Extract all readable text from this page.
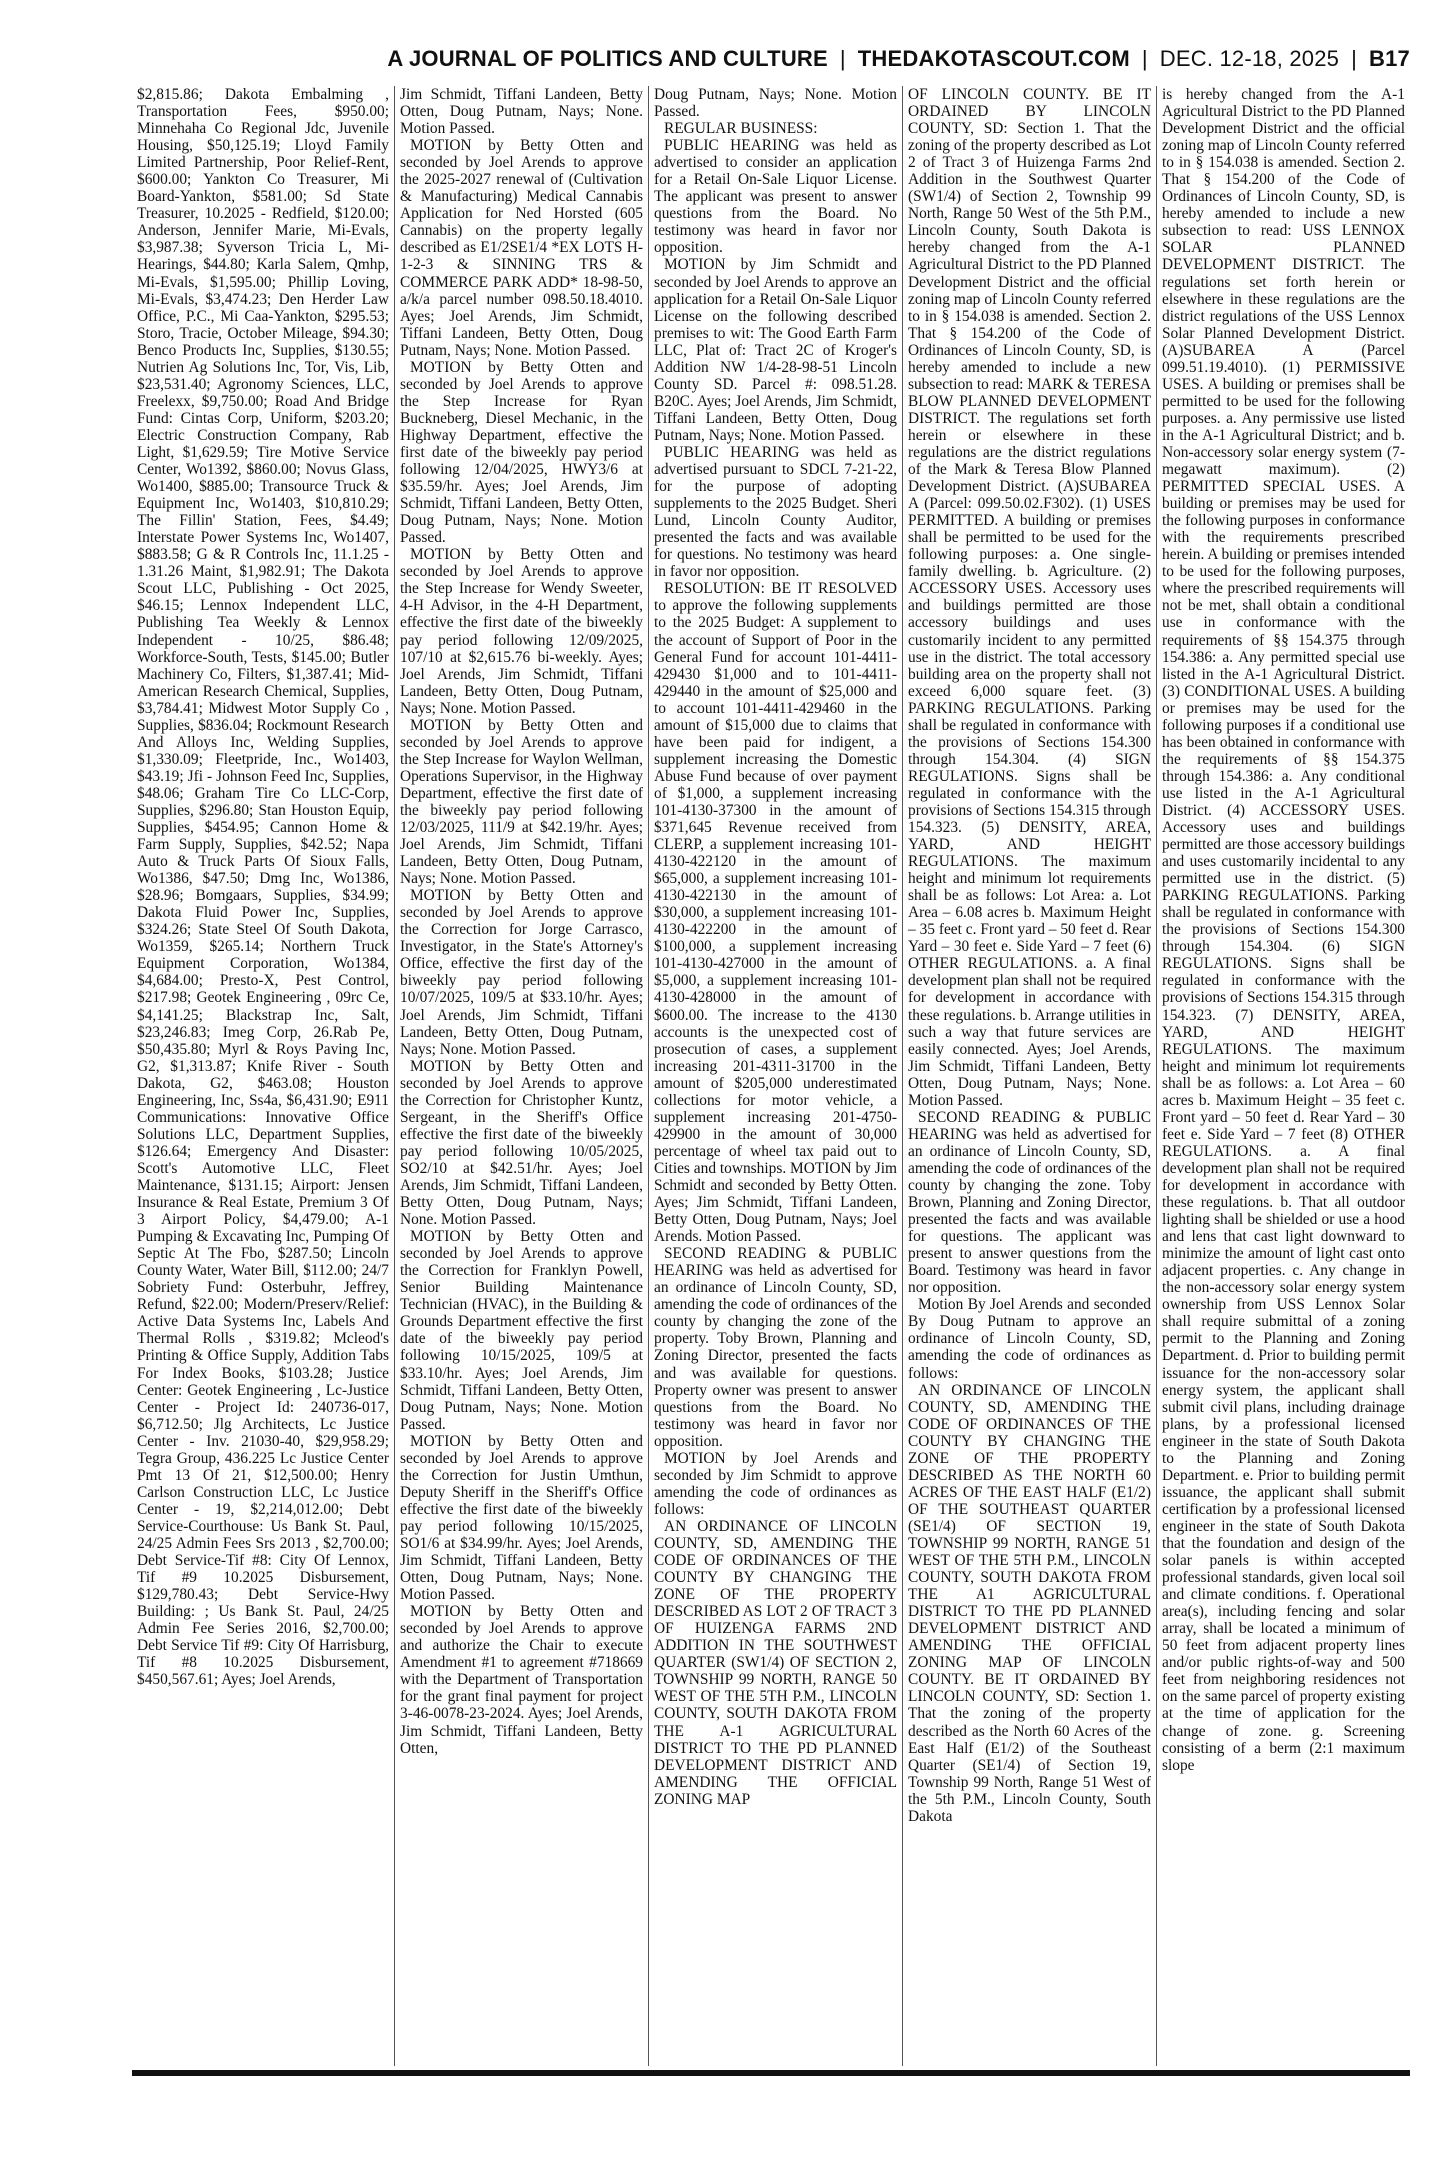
A JOURNAL OF POLITICS AND CULTURE | THEDAKOTASCOUT.COM | DEC. 12-18, 2025 | B17

$2,815.86; Dakota Embalming , Transportation Fees, $950.00; Minnehaha Co Regional Jdc, Juvenile Housing, $50,125.19; Lloyd Family Limited Partnership, Poor Relief-Rent, $600.00; Yankton Co Treasurer, Mi Board-Yankton, $581.00; Sd State Treasurer, 10.2025 - Redfield, $120.00; Anderson, Jennifer Marie, Mi-Evals, $3,987.38; Syverson Tricia L, Mi-Hearings, $44.80; Karla Salem, Qmhp, Mi-Evals, $1,595.00; Phillip Loving, Mi-Evals, $3,474.23; Den Herder Law Office, P.C., Mi Caa-Yankton, $295.53; Storo, Tracie, October Mileage, $94.30; Benco Products Inc, Supplies, $130.55; Nutrien Ag Solutions Inc, Tor, Vis, Lib, $23,531.40; Agronomy Sciences, LLC, Freelexx, $9,750.00; Road And Bridge Fund: Cintas Corp, Uniform, $203.20; Electric Construction Company, Rab Light, $1,629.59; Tire Motive Service Center, Wo1392, $860.00; Novus Glass, Wo1400, $885.00; Transource Truck & Equipment Inc, Wo1403, $10,810.29; The Fillin' Station, Fees, $4.49; Interstate Power Systems Inc, Wo1407, $883.58; G & R Controls Inc, 11.1.25 - 1.31.26 Maint, $1,982.91; The Dakota Scout LLC, Publishing - Oct 2025, $46.15; Lennox Independent LLC, Publishing Tea Weekly & Lennox Independent - 10/25, $86.48; Workforce-South, Tests, $145.00; Butler Machinery Co, Filters, $1,387.41; Mid-American Research Chemical, Supplies, $3,784.41; Midwest Motor Supply Co , Supplies, $836.04; Rockmount Research And Alloys Inc, Welding Supplies, $1,330.09; Fleetpride, Inc., Wo1403, $43.19; Jfi - Johnson Feed Inc, Supplies, $48.06; Graham Tire Co LLC-Corp, Supplies, $296.80; Stan Houston Equip, Supplies, $454.95; Cannon Home & Farm Supply, Supplies, $42.52; Napa Auto & Truck Parts Of Sioux Falls, Wo1386, $47.50; Dmg Inc, Wo1386, $28.96; Bomgaars, Supplies, $34.99; Dakota Fluid Power Inc, Supplies, $324.26; State Steel Of South Dakota, Wo1359, $265.14; Northern Truck Equipment Corporation, Wo1384, $4,684.00; Presto-X, Pest Control, $217.98; Geotek Engineering , 09rc Ce, $4,141.25; Blackstrap Inc, Salt, $23,246.83; Imeg Corp, 26.Rab Pe, $50,435.80; Myrl & Roys Paving Inc, G2, $1,313.87; Knife River - South Dakota, G2, $463.08; Houston Engineering, Inc, Ss4a, $6,431.90; E911 Communications: Innovative Office Solutions LLC, Department Supplies, $126.64; Emergency And Disaster: Scott's Automotive LLC, Fleet Maintenance, $131.15; Airport: Jensen Insurance & Real Estate, Premium 3 Of 3 Airport Policy, $4,479.00; A-1 Pumping & Excavating Inc, Pumping Of Septic At The Fbo, $287.50; Lincoln County Water, Water Bill, $112.00; 24/7 Sobriety Fund: Osterbuhr, Jeffrey, Refund, $22.00; Modern/Preserv/Relief: Active Data Systems Inc, Labels And Thermal Rolls , $319.82; Mcleod's Printing & Office Supply, Addition Tabs For Index Books, $103.28; Justice Center: Geotek Engineering , Lc-Justice Center - Project Id: 240736-017, $6,712.50; Jlg Architects, Lc Justice Center - Inv. 21030-40, $29,958.29; Tegra Group, 436.225 Lc Justice Center Pmt 13 Of 21, $12,500.00; Henry Carlson Construction LLC, Lc Justice Center - 19, $2,214,012.00; Debt Service-Courthouse: Us Bank St. Paul, 24/25 Admin Fees Srs 2013 , $2,700.00; Debt Service-Tif #8: City Of Lennox, Tif #9 10.2025 Disbursement, $129,780.43; Debt Service-Hwy Building: ; Us Bank St. Paul, 24/25 Admin Fee Series 2016, $2,700.00; Debt Service Tif #9: City Of Harrisburg, Tif #8 10.2025 Disbursement, $450,567.61; Ayes; Joel Arends,

Jim Schmidt, Tiffani Landeen, Betty Otten, Doug Putnam, Nays; None. Motion Passed.

MOTION by Betty Otten and seconded by Joel Arends to approve the 2025-2027 renewal of (Cultivation & Manufacturing) Medical Cannabis Application for Ned Horsted (605 Cannabis) on the property legally described as E1/2SE1/4 *EX LOTS H-1-2-3 & SINNING TRS & COMMERCE PARK ADD* 18-98-50, a/k/a parcel number 098.50.18.4010. Ayes; Joel Arends, Jim Schmidt, Tiffani Landeen, Betty Otten, Doug Putnam, Nays; None. Motion Passed.

MOTION by Betty Otten and seconded by Joel Arends to approve the Step Increase for Ryan Buckneberg, Diesel Mechanic, in the Highway Department, effective the first date of the biweekly pay period following 12/04/2025, HWY3/6 at $35.59/hr. Ayes; Joel Arends, Jim Schmidt, Tiffani Landeen, Betty Otten, Doug Putnam, Nays; None. Motion Passed.

MOTION by Betty Otten and seconded by Joel Arends to approve the Step Increase for Wendy Sweeter, 4-H Advisor, in the 4-H Department, effective the first date of the biweekly pay period following 12/09/2025, 107/10 at $2,615.76 bi-weekly. Ayes; Joel Arends, Jim Schmidt, Tiffani Landeen, Betty Otten, Doug Putnam, Nays; None. Motion Passed.

MOTION by Betty Otten and seconded by Joel Arends to approve the Step Increase for Waylon Wellman, Operations Supervisor, in the Highway Department, effective the first date of the biweekly pay period following 12/03/2025, 111/9 at $42.19/hr. Ayes; Joel Arends, Jim Schmidt, Tiffani Landeen, Betty Otten, Doug Putnam, Nays; None. Motion Passed.

MOTION by Betty Otten and seconded by Joel Arends to approve the Correction for Jorge Carrasco, Investigator, in the State's Attorney's Office, effective the first day of the biweekly pay period following 10/07/2025, 109/5 at $33.10/hr. Ayes; Joel Arends, Jim Schmidt, Tiffani Landeen, Betty Otten, Doug Putnam, Nays; None. Motion Passed.

MOTION by Betty Otten and seconded by Joel Arends to approve the Correction for Christopher Kuntz, Sergeant, in the Sheriff's Office effective the first date of the biweekly pay period following 10/05/2025, SO2/10 at $42.51/hr. Ayes; Joel Arends, Jim Schmidt, Tiffani Landeen, Betty Otten, Doug Putnam, Nays; None. Motion Passed.

MOTION by Betty Otten and seconded by Joel Arends to approve the Correction for Franklyn Powell, Senior Building Maintenance Technician (HVAC), in the Building & Grounds Department effective the first date of the biweekly pay period following 10/15/2025, 109/5 at $33.10/hr. Ayes; Joel Arends, Jim Schmidt, Tiffani Landeen, Betty Otten, Doug Putnam, Nays; None. Motion Passed.

MOTION by Betty Otten and seconded by Joel Arends to approve the Correction for Justin Umthun, Deputy Sheriff in the Sheriff's Office effective the first date of the biweekly pay period following 10/15/2025, SO1/6 at $34.99/hr. Ayes; Joel Arends, Jim Schmidt, Tiffani Landeen, Betty Otten, Doug Putnam, Nays; None. Motion Passed.

MOTION by Betty Otten and seconded by Joel Arends to approve and authorize the Chair to execute Amendment #1 to agreement #718669 with the Department of Transportation for the grant final payment for project 3-46-0078-23-2024. Ayes; Joel Arends, Jim Schmidt, Tiffani Landeen, Betty Otten,

Doug Putnam, Nays; None. Motion Passed.

REGULAR BUSINESS:

PUBLIC HEARING was held as advertised to consider an application for a Retail On-Sale Liquor License. The applicant was present to answer questions from the Board. No testimony was heard in favor nor opposition.

MOTION by Jim Schmidt and seconded by Joel Arends to approve an application for a Retail On-Sale Liquor License on the following described premises to wit: The Good Earth Farm LLC, Plat of: Tract 2C of Kroger's Addition NW 1/4-28-98-51 Lincoln County SD. Parcel #: 098.51.28. B20C. Ayes; Joel Arends, Jim Schmidt, Tiffani Landeen, Betty Otten, Doug Putnam, Nays; None. Motion Passed.

PUBLIC HEARING was held as advertised pursuant to SDCL 7-21-22, for the purpose of adopting supplements to the 2025 Budget. Sheri Lund, Lincoln County Auditor, presented the facts and was available for questions. No testimony was heard in favor nor opposition.

RESOLUTION: BE IT RESOLVED to approve the following supplements to the 2025 Budget: A supplement to the account of Support of Poor in the General Fund for account 101-4411-429430 $1,000 and to 101-4411-429440 in the amount of $25,000 and to account 101-4411-429460 in the amount of $15,000 due to claims that have been paid for indigent, a supplement increasing the Domestic Abuse Fund because of over payment of $1,000, a supplement increasing 101-4130-37300 in the amount of $371,645 Revenue received from CLERP, a supplement increasing 101-4130-422120 in the amount of $65,000, a supplement increasing 101-4130-422130 in the amount of $30,000, a supplement increasing 101-4130-422200 in the amount of $100,000, a supplement increasing 101-4130-427000 in the amount of $5,000, a supplement increasing 101-4130-428000 in the amount of $600.00. The increase to the 4130 accounts is the unexpected cost of prosecution of cases, a supplement increasing 201-4311-31700 in the amount of $205,000 underestimated collections for motor vehicle, a supplement increasing 201-4750-429900 in the amount of 30,000 percentage of wheel tax paid out to Cities and townships. MOTION by Jim Schmidt and seconded by Betty Otten. Ayes; Jim Schmidt, Tiffani Landeen, Betty Otten, Doug Putnam, Nays; Joel Arends. Motion Passed.

SECOND READING & PUBLIC HEARING was held as advertised for an ordinance of Lincoln County, SD, amending the code of ordinances of the county by changing the zone of the property. Toby Brown, Planning and Zoning Director, presented the facts and was available for questions. Property owner was present to answer questions from the Board. No testimony was heard in favor nor opposition.

MOTION by Joel Arends and seconded by Jim Schmidt to approve amending the code of ordinances as follows:

AN ORDINANCE OF LINCOLN COUNTY, SD, AMENDING THE CODE OF ORDINANCES OF THE COUNTY BY CHANGING THE ZONE OF THE PROPERTY DESCRIBED AS LOT 2 OF TRACT 3 OF HUIZENGA FARMS 2ND ADDITION IN THE SOUTHWEST QUARTER (SW1/4) OF SECTION 2, TOWNSHIP 99 NORTH, RANGE 50 WEST OF THE 5TH P.M., LINCOLN COUNTY, SOUTH DAKOTA FROM THE A-1 AGRICULTURAL DISTRICT TO THE PD PLANNED DEVELOPMENT DISTRICT AND AMENDING THE OFFICIAL ZONING MAP

OF LINCOLN COUNTY. BE IT ORDAINED BY LINCOLN COUNTY, SD: Section 1. That the zoning of the property described as Lot 2 of Tract 3 of Huizenga Farms 2nd Addition in the Southwest Quarter (SW1/4) of Section 2, Township 99 North, Range 50 West of the 5th P.M., Lincoln County, South Dakota is hereby changed from the A-1 Agricultural District to the PD Planned Development District and the official zoning map of Lincoln County referred to in § 154.038 is amended. Section 2. That § 154.200 of the Code of Ordinances of Lincoln County, SD, is hereby amended to include a new subsection to read: MARK & TERESA BLOW PLANNED DEVELOPMENT DISTRICT. The regulations set forth herein or elsewhere in these regulations are the district regulations of the Mark & Teresa Blow Planned Development District. (A)SUBAREA A (Parcel: 099.50.02.F302). (1) USES PERMITTED. A building or premises shall be permitted to be used for the following purposes: a. One single-family dwelling. b. Agriculture. (2) ACCESSORY USES. Accessory uses and buildings permitted are those accessory buildings and uses customarily incident to any permitted use in the district. The total accessory building area on the property shall not exceed 6,000 square feet. (3) PARKING REGULATIONS. Parking shall be regulated in conformance with the provisions of Sections 154.300 through 154.304. (4) SIGN REGULATIONS. Signs shall be regulated in conformance with the provisions of Sections 154.315 through 154.323. (5) DENSITY, AREA, YARD, AND HEIGHT REGULATIONS. The maximum height and minimum lot requirements shall be as follows: Lot Area: a. Lot Area – 6.08 acres b. Maximum Height – 35 feet c. Front yard – 50 feet d. Rear Yard – 30 feet e. Side Yard – 7 feet (6) OTHER REGULATIONS. a. A final development plan shall not be required for development in accordance with these regulations. b. Arrange utilities in such a way that future services are easily connected. Ayes; Joel Arends, Jim Schmidt, Tiffani Landeen, Betty Otten, Doug Putnam, Nays; None. Motion Passed.

SECOND READING & PUBLIC HEARING was held as advertised for an ordinance of Lincoln County, SD, amending the code of ordinances of the county by changing the zone. Toby Brown, Planning and Zoning Director, presented the facts and was available for questions. The applicant was present to answer questions from the Board. Testimony was heard in favor nor opposition.

Motion By Joel Arends and seconded By Doug Putnam to approve an ordinance of Lincoln County, SD, amending the code of ordinances as follows:

AN ORDINANCE OF LINCOLN COUNTY, SD, AMENDING THE CODE OF ORDINANCES OF THE COUNTY BY CHANGING THE ZONE OF THE PROPERTY DESCRIBED AS THE NORTH 60 ACRES OF THE EAST HALF (E1/2) OF THE SOUTHEAST QUARTER (SE1/4) OF SECTION 19, TOWNSHIP 99 NORTH, RANGE 51 WEST OF THE 5TH P.M., LINCOLN COUNTY, SOUTH DAKOTA FROM THE A1 AGRICULTURAL DISTRICT TO THE PD PLANNED DEVELOPMENT DISTRICT AND AMENDING THE OFFICIAL ZONING MAP OF LINCOLN COUNTY. BE IT ORDAINED BY LINCOLN COUNTY, SD: Section 1. That the zoning of the property described as the North 60 Acres of the East Half (E1/2) of the Southeast Quarter (SE1/4) of Section 19, Township 99 North, Range 51 West of the 5th P.M., Lincoln County, South Dakota

is hereby changed from the A-1 Agricultural District to the PD Planned Development District and the official zoning map of Lincoln County referred to in § 154.038 is amended. Section 2. That § 154.200 of the Code of Ordinances of Lincoln County, SD, is hereby amended to include a new subsection to read: USS LENNOX SOLAR PLANNED DEVELOPMENT DISTRICT. The regulations set forth herein or elsewhere in these regulations are the district regulations of the USS Lennox Solar Planned Development District. (A)SUBAREA A (Parcel 099.51.19.4010). (1) PERMISSIVE USES. A building or premises shall be permitted to be used for the following purposes. a. Any permissive use listed in the A-1 Agricultural District; and b. Non-accessory solar energy system (7-megawatt maximum). (2) PERMITTED SPECIAL USES. A building or premises may be used for the following purposes in conformance with the requirements prescribed herein. A building or premises intended to be used for the following purposes, where the prescribed requirements will not be met, shall obtain a conditional use in conformance with the requirements of §§ 154.375 through 154.386: a. Any permitted special use listed in the A-1 Agricultural District. (3) CONDITIONAL USES. A building or premises may be used for the following purposes if a conditional use has been obtained in conformance with the requirements of §§ 154.375 through 154.386: a. Any conditional use listed in the A-1 Agricultural District. (4) ACCESSORY USES. Accessory uses and buildings permitted are those accessory buildings and uses customarily incidental to any permitted use in the district. (5) PARKING REGULATIONS. Parking shall be regulated in conformance with the provisions of Sections 154.300 through 154.304. (6) SIGN REGULATIONS. Signs shall be regulated in conformance with the provisions of Sections 154.315 through 154.323. (7) DENSITY, AREA, YARD, AND HEIGHT REGULATIONS. The maximum height and minimum lot requirements shall be as follows: a. Lot Area – 60 acres b. Maximum Height – 35 feet c. Front yard – 50 feet d. Rear Yard – 30 feet e. Side Yard – 7 feet (8) OTHER REGULATIONS. a. A final development plan shall not be required for development in accordance with these regulations. b. That all outdoor lighting shall be shielded or use a hood and lens that cast light downward to minimize the amount of light cast onto adjacent properties. c. Any change in the non-accessory solar energy system ownership from USS Lennox Solar shall require submittal of a zoning permit to the Planning and Zoning Department. d. Prior to building permit issuance for the non-accessory solar energy system, the applicant shall submit civil plans, including drainage plans, by a professional licensed engineer in the state of South Dakota to the Planning and Zoning Department. e. Prior to building permit issuance, the applicant shall submit certification by a professional licensed engineer in the state of South Dakota that the foundation and design of the solar panels is within accepted professional standards, given local soil and climate conditions. f. Operational area(s), including fencing and solar array, shall be located a minimum of 50 feet from adjacent property lines and/or public rights-of-way and 500 feet from neighboring residences not on the same parcel of property existing at the time of application for the change of zone. g. Screening consisting of a berm (2:1 maximum slope
